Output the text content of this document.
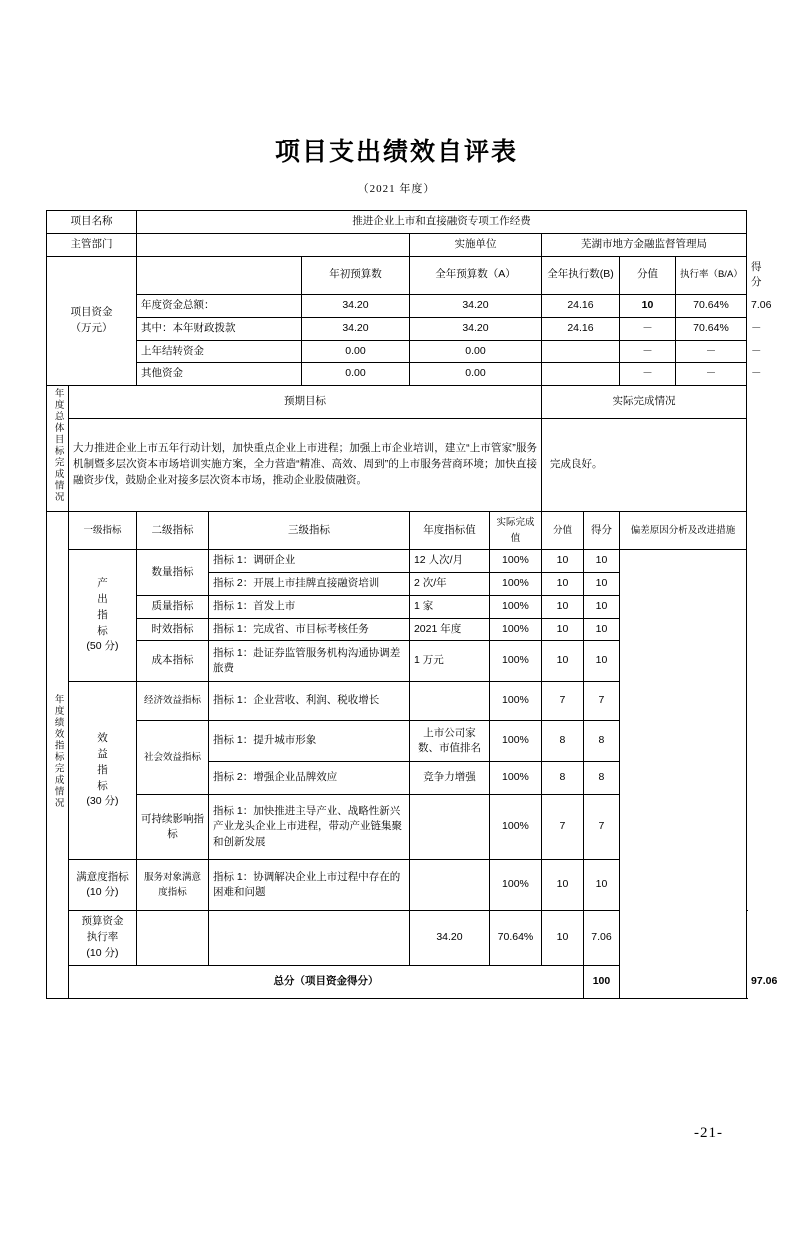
项目支出绩效自评表
（2021 年度）
项目名称		推进企业上市和直接融资专项工作经费									
主管部门					实施单位		芜湖市地方金融监督管理局				

项目资金
（万元）				年初预算数	全年预算数（A）		全年执行数(B)		分值	执行率（B/A）	得分
		年度资金总额：		34.20	34.20		24.16		10	70.64%	7.06
		其中：本年财政拨款		34.20	34.20		24.16		－	70.64%	－
		上年结转资金		0.00	0.00				－	－	－
		其他资金		0.00	0.00				－	－	－
年度总体目标完成情况	预期目标						实际完成情况				
	大力推进企业上市五年行动计划，加快重点企业上市进程；加强上市企业培训，建立“上市管家”服务机制暨多层次资本市场培训实施方案，全力营造“精准、高效、周到”的上市服务营商环境；加快直接融资步伐，鼓励企业对接多层次资本市场，推动企业股债融资。						完成良好。				
年度绩效指标完成情况	一级指标	二级指标	三级指标		年度指标值	实际完成值	分值	得分	偏差原因分析及改进措施		

	产
出
指
标
(50 分)	数量指标	指标 1：调研企业		12 人次/月	100%	10	10			
			指标 2：开展上市挂牌直接融资培训		2 次/年	100%	10	10			
		质量指标	指标 1：首发上市		1 家	100%	10	10			
		时效指标	指标 1：完成省、市目标考核任务		2021 年度	100%	10	10			
		成本指标	指标 1：赴证券监管服务机构沟通协调差旅费		1 万元	100%	10	10			

	效
益
指
标
(30 分)	经济效益指标	指标 1：企业营收、利润、税收增长			100%	7	7			
		社会效益指标	指标 1：提升城市形象		上市公司家数、市值排名	100%	8	8			
			指标 2：增强企业品牌效应		竞争力增强	100%	8	8			

		可持续影响指标	指标 1：加快推进主导产业、战略性新兴产业龙头企业上市进程，带动产业链集聚和创新发展			100%	7	7			

	满意度指标
(10 分)	服务对象满意度指标	指标 1：协调解决企业上市过程中存在的困难和问题			100%	10	10			

	预算资金
执行率
(10 分)				34.20	70.64%	10	7.06			
	总分（项目资金得分）							100			97.06	
-21-
